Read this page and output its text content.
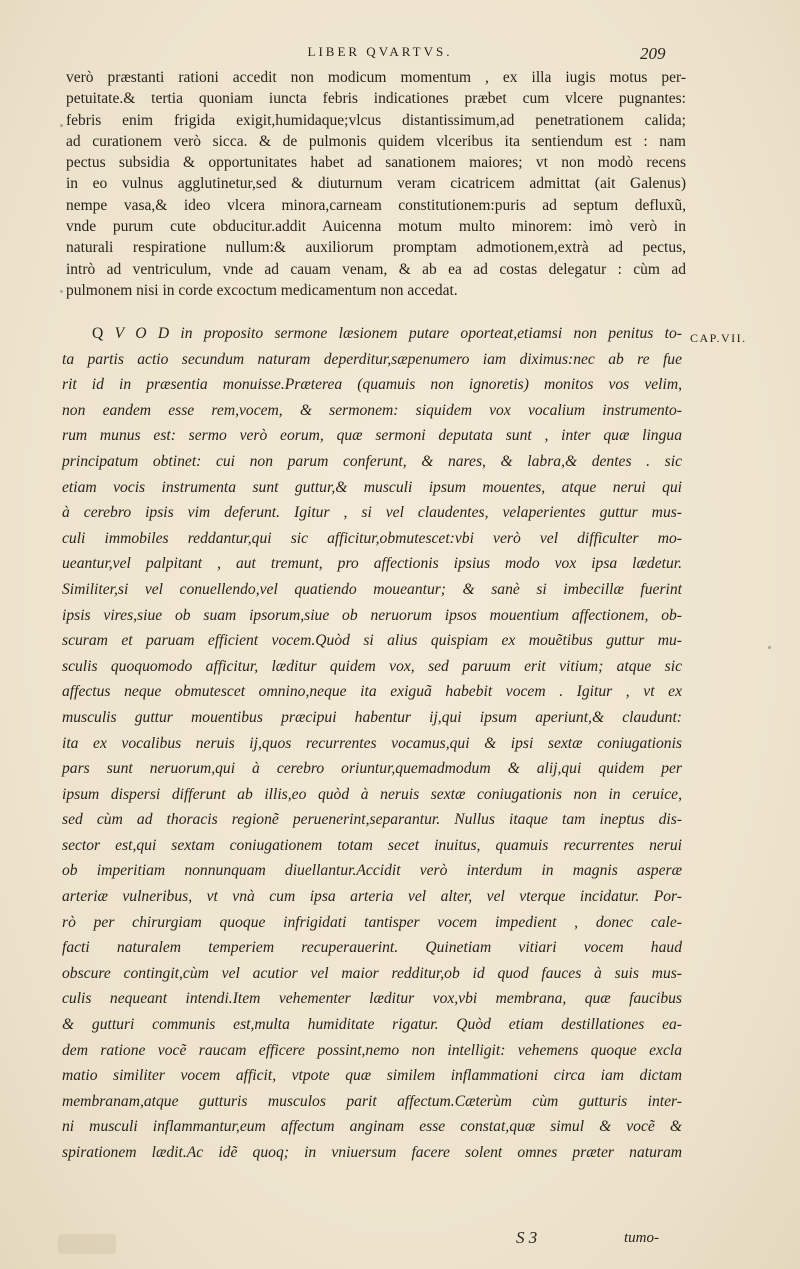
LIBER QVARTVS.	209
verò præstanti rationi accedit non modicum momentum , ex illa iugis motus per-
petuitate.& tertia quoniam iuncta febris indicationes præbet cum vlcere pugnantes:
febris enim frigida exigit,humidaque;vlcus distantissimum,ad penetrationem calida;
ad curationem verò sicca. & de pulmonis quidem vlceribus ita sentiendum est : nam
pectus subsidia & opportunitates habet ad sanationem maiores; vt non modò recens
in eo vulnus agglutinetur,sed & diuturnum veram cicatricem admittat (ait Galenus)
nempe vasa,& ideo vlcera minora,carneam constitutionem:puris ad septum defluxũ,
vnde purum cute obducitur.addit Auicenna motum multo minorem: imò verò in
naturali respiratione nullum:& auxiliorum promptam admotionem,extrà ad pectus,
intrò ad ventriculum, vnde ad cauam venam, & ab ea ad costas delegatur : cùm ad
pulmonem nisi in corde excoctum medicamentum non accedat.
CAP.VII.
Q V O D in proposito sermone læsionem putare oporteat,etiamsi non penitus to-
ta partis actio secundum naturam deperditur,sæpenumero iam diximus:nec ab re fue
rit id in præsentia monuisse.Præterea (quamuis non ignoretis) monitos vos velim,
non eandem esse rem,vocem, & sermonem: siquidem vox vocalium instrumento-
rum munus est: sermo verò eorum, quæ sermoni deputata sunt , inter quæ lingua
principatum obtinet: cui non parum conferunt, & nares, & labra,& dentes . sic
etiam vocis instrumenta sunt guttur,& musculi ipsum mouentes, atque nerui qui
à cerebro ipsis vim deferunt. Igitur , si vel claudentes, velaperientes guttur mus-
culi immobiles reddantur,qui sic afficitur,obmutescet:vbi verò vel difficulter mo-
ueantur,vel palpitant , aut tremunt, pro affectionis ipsius modo vox ipsa lædetur.
Similiter,si vel conuellendo,vel quatiendo moueantur; & sanè si imbecillæ fuerint
ipsis vires,siue ob suam ipsorum,siue ob neruorum ipsos mouentium affectionem, ob-
scuram et paruam efficient vocem.Quòd si alius quispiam ex mouẽtibus guttur mu-
sculis quoquomodo afficitur, læditur quidem vox, sed paruum erit vitium; atque sic
affectus neque obmutescet omnino,neque ita exiguã habebit vocem . Igitur , vt ex
musculis guttur mouentibus præcipui habentur ij,qui ipsum aperiunt,& claudunt:
ita ex vocalibus neruis ij,quos recurrentes vocamus,qui & ipsi sextæ coniugationis
pars sunt neruorum,qui à cerebro oriuntur,quemadmodum & alij,qui quidem per
ipsum dispersi differunt ab illis,eo quòd à neruis sextæ coniugationis non in ceruice,
sed cùm ad thoracis regionẽ peruenerint,separantur. Nullus itaque tam ineptus dis-
sector est,qui sextam coniugationem totam secet inuitus, quamuis recurrentes nerui
ob imperitiam nonnunquam diuellantur.Accidit verò interdum in magnis asperæ
arteriæ vulneribus, vt vnà cum ipsa arteria vel alter, vel vterque incidatur. Por-
rò per chirurgiam quoque infrigidati tantisper vocem impedient , donec cale-
facti naturalem temperiem recuperauerint. Quinetiam vitiari vocem haud
obscure contingit,cùm vel acutior vel maior redditur,ob id quod fauces à suis mus-
culis nequeant intendi.Item vehementer læditur vox,vbi membrana, quæ faucibus
& gutturi communis est,multa humiditate rigatur. Quòd etiam destillationes ea-
dem ratione vocẽ raucam efficere possint,nemo non intelligit: vehemens quoque excla
matio similiter vocem afficit, vtpote quæ similem inflammationi circa iam dictam
membranam,atque gutturis musculos parit affectum.Cæterùm cùm gutturis inter-
ni musculi inflammantur,eum affectum anginam esse constat,quæ simul & vocẽ &
spirationem lædit.Ac idẽ quoq; in vniuersum facere solent omnes præter naturam
S 3	tumo-
